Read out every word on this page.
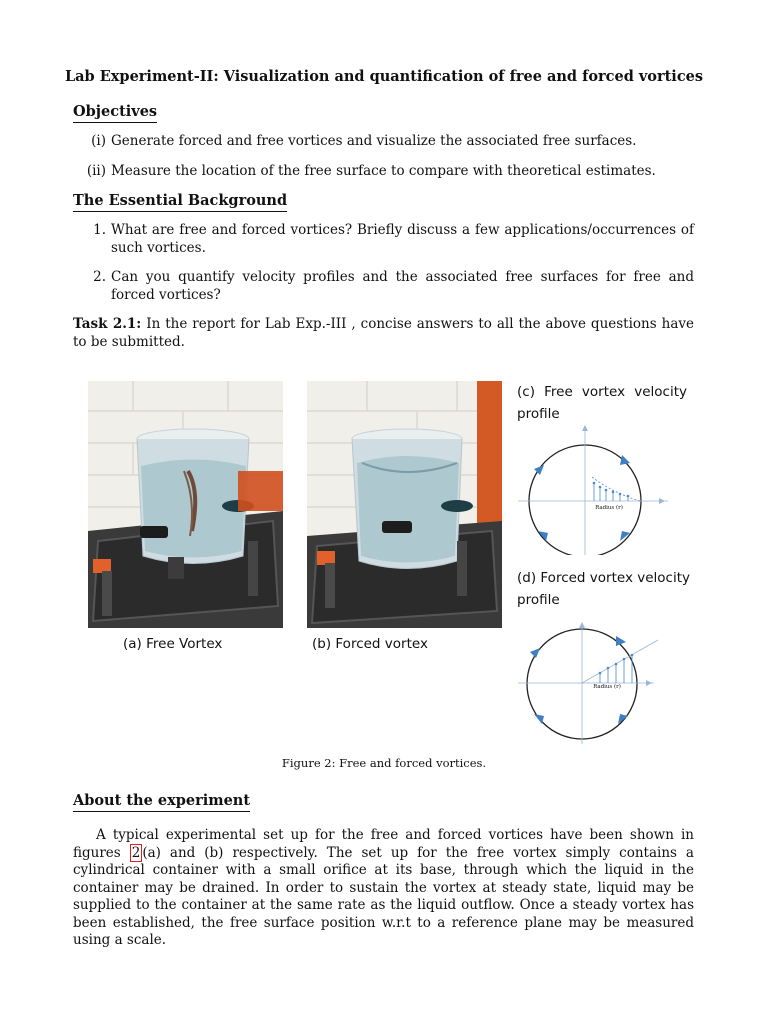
Lab Experiment-II: Visualization and quantification of free and forced vortices
Objectives
(i) Generate forced and free vortices and visualize the associated free surfaces.
(ii) Measure the location of the free surface to compare with theoretical estimates.
The Essential Background
1. What are free and forced vortices? Briefly discuss a few applications/occurrences of such vortices.
2. Can you quantify velocity profiles and the associated free surfaces for free and forced vortices?
Task 2.1: In the report for Lab Exp.-III , concise answers to all the above questions have to be submitted.
(a) Free Vortex	(b) Forced vortex
(c) Free vortex velocity profile
Radius (r)
(d) Forced vortex velocity profile
Radius (r)
Figure 2: Free and forced vortices.
About the experiment
A typical experimental set up for the free and forced vortices have been shown in figures 2 (a) and (b) respectively. The set up for the free vortex simply contains a cylindrical container with a small orifice at its base, through which the liquid in the container may be drained. In order to sustain the vortex at steady state, liquid may be supplied to the container at the same rate as the liquid outflow. Once a steady vortex has been established, the free surface position w.r.t to a reference plane may be measured using a scale.
